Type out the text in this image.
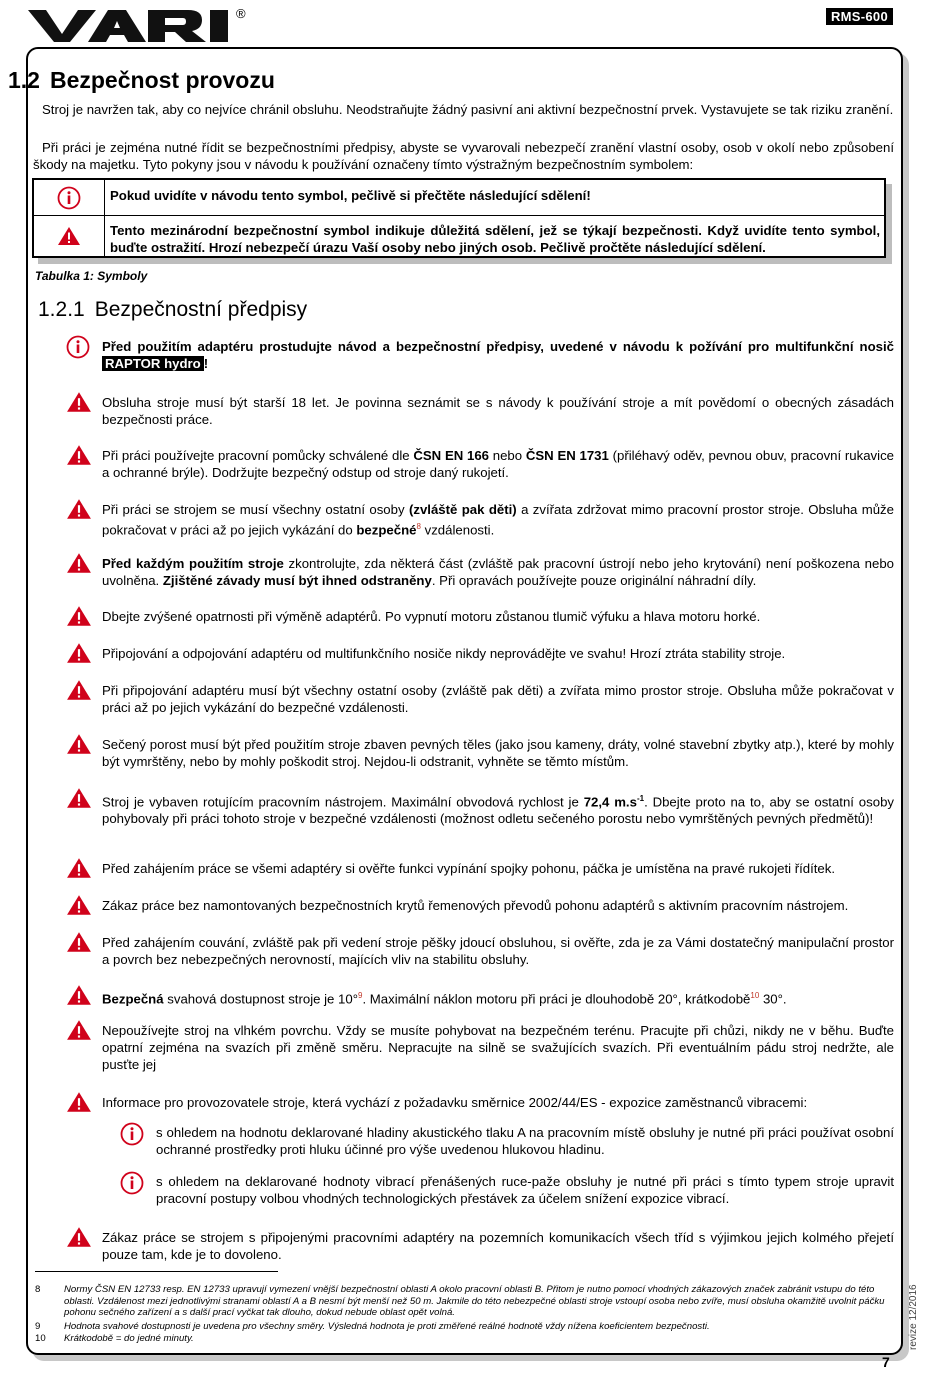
®	RMS-600
1.2 Bezpečnost provozu
Stroj je navržen tak, aby co nejvíce chránil obsluhu. Neodstraňujte žádný pasivní ani aktivní bezpečnostní prvek. Vystavujete se tak riziku zranění.
Při práci je zejména nutné řídit se bezpečnostními předpisy, abyste se vyvarovali nebezpečí zranění vlastní osoby, osob v okolí nebo způsobení škody na majetku. Tyto pokyny jsou v návodu k používání označeny tímto výstražným bezpečnostním symbolem:
Pokud uvidíte v návodu tento symbol, pečlivě si přečtěte následující sdělení!
Tento mezinárodní bezpečnostní symbol indikuje důležitá sdělení, jež se týkají bezpečnosti. Když uvidíte tento symbol, buďte ostražití. Hrozí nebezpečí úrazu Vaší osoby nebo jiných osob. Pečlivě pročtěte následující sdělení.
Tabulka 1: Symboly
1.2.1 Bezpečnostní předpisy
Před použitím adaptéru prostudujte návod a bezpečnostní předpisy, uvedené v návodu k požívání pro multifunkční nosič RAPTOR hydro !
Obsluha stroje musí být starší 18 let. Je povinna seznámit se s návody k používání stroje a mít povědomí o obecných zásadách bezpečnosti práce.
Při práci používejte pracovní pomůcky schválené dle ČSN EN 166 nebo ČSN EN 1731 (přiléhavý oděv, pevnou obuv, pracovní rukavice a ochranné brýle). Dodržujte bezpečný odstup od stroje daný rukojetí.
Při práci se strojem se musí všechny ostatní osoby (zvláště pak děti) a zvířata zdržovat mimo pracovní prostor stroje. Obsluha může pokračovat v práci až po jejich vykázání do bezpečné$^8$ vzdálenosti.
Před každým použitím stroje zkontrolujte, zda některá část (zvláště pak pracovní ústrojí nebo jeho krytování) není poškozena nebo uvolněna. Zjištěné závady musí být ihned odstraněny. Při opravách používejte pouze originální náhradní díly.
Dbejte zvýšené opatrnosti při výměně adaptérů. Po vypnutí motoru zůstanou tlumič výfuku a hlava motoru horké.
Připojování a odpojování adaptéru od multifunkčního nosiče nikdy neprovádějte ve svahu! Hrozí ztráta stability stroje.
Při připojování adaptéru musí být všechny ostatní osoby (zvláště pak děti) a zvířata mimo prostor stroje. Obsluha může pokračovat v práci až po jejich vykázání do bezpečné vzdálenosti.
Sečený porost musí být před použitím stroje zbaven pevných těles (jako jsou kameny, dráty, volné stavební zbytky atp.), které by mohly být vymrštěny, nebo by mohly poškodit stroj. Nejdou-li odstranit, vyhněte se těmto místům.
Stroj je vybaven rotujícím pracovním nástrojem. Maximální obvodová rychlost je 72,4 $m.s^{-1}$. Dbejte proto na to, aby se ostatní osoby pohybovaly při práci tohoto stroje v bezpečné vzdálenosti (možnost odletu sečeného porostu nebo vymrštěných pevných předmětů)!
Před zahájením práce se všemi adaptéry si ověřte funkci vypínání spojky pohonu, páčka je umístěna na pravé rukojeti řídítek.
Zákaz práce bez namontovaných bezpečnostních krytů řemenových převodů pohonu adaptérů s aktivním pracovním nástrojem.
Před zahájením couvání, zvláště pak při vedení stroje pěšky jdoucí obsluhou, si ověřte, zda je za Vámi dostatečný manipulační prostor a povrch bez nebezpečných nerovností, majících vliv na stabilitu obsluhy.
Bezpečná svahová dostupnost stroje je 10°$^9$. Maximální náklon motoru při práci je dlouhodobě 20°, krátkodobě$^{10}$ 30°.
Nepoužívejte stroj na vlhkém povrchu. Vždy se musíte pohybovat na bezpečném terénu. Pracujte při chůzi, nikdy ne v běhu. Buďte opatrní zejména na svazích při změně směru. Nepracujte na silně se svažujících svazích. Při eventuálním pádu stroj nedržte, ale pusťte jej
Informace pro provozovatele stroje, která vychází z požadavku směrnice 2002/44/ES - expozice zaměstnanců vibracemi:
s ohledem na hodnotu deklarované hladiny akustického tlaku A na pracovním místě obsluhy je nutné při práci používat osobní ochranné prostředky proti hluku účinné pro výše uvedenou hlukovou hladinu.
s ohledem na deklarované hodnoty vibrací přenášených ruce-paže obsluhy je nutné při práci s tímto typem stroje upravit pracovní postupy volbou vhodných technologických přestávek za účelem snížení expozice vibrací.
Zákaz práce se strojem s připojenými pracovními adaptéry na pozemních komunikacích všech tříd s výjimkou jejich kolmého přejetí pouze tam, kde je to dovoleno.
8 Normy ČSN EN 12733 resp. EN 12733 upravují vymezení vnější bezpečnostní oblasti A okolo pracovní oblasti B. Přitom je nutno pomocí vhodných zákazových značek zabránit vstupu do této oblasti. Vzdálenost mezi jednotlivými stranami oblastí A a B nesmí být menší než 50 m. Jakmile do této nebezpečné oblasti stroje vstoupí osoba nebo zvíře, musí obsluha okamžitě uvolnit páčku pohonu sečného zařízení a s další prací vyčkat tak dlouho, dokud nebude oblast opět volná.
9 Hodnota svahové dostupnosti je uvedena pro všechny směry. Výsledná hodnota je proti změřené reálné hodnotě vždy nížena koeficientem bezpečnosti.
10 Krátkodobě = do jedné minuty.	revize 12/2016
7
